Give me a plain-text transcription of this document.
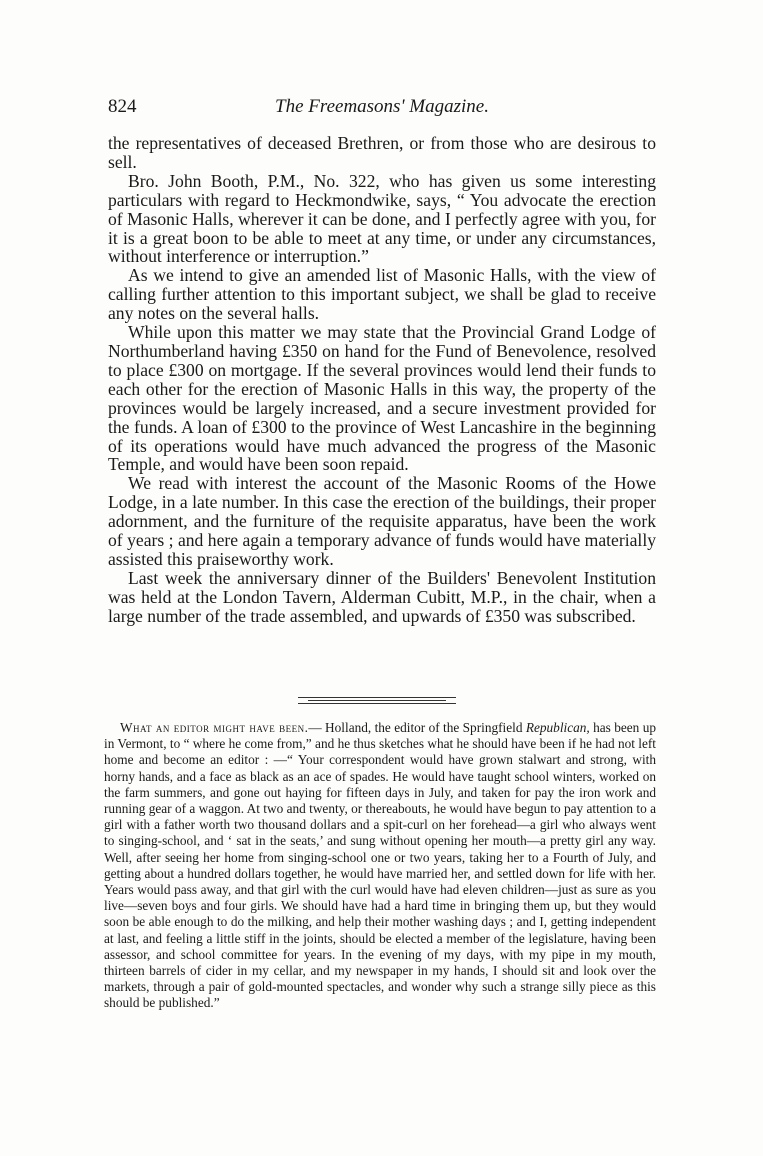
824	The Freemasons' Magazine.

the representatives of deceased Brethren, or from those who are desirous to sell.

Bro. John Booth, P.M., No. 322, who has given us some interesting particulars with regard to Heckmondwike, says, “ You advocate the erection of Masonic Halls, wherever it can be done, and I perfectly agree with you, for it is a great boon to be able to meet at any time, or under any circumstances, without interference or interruption.”

As we intend to give an amended list of Masonic Halls, with the view of calling further attention to this important subject, we shall be glad to receive any notes on the several halls.

While upon this matter we may state that the Provincial Grand Lodge of Northumberland having £350 on hand for the Fund of Benevolence, resolved to place £300 on mortgage. If the several provinces would lend their funds to each other for the erection of Masonic Halls in this way, the property of the provinces would be largely increased, and a secure investment provided for the funds. A loan of £300 to the province of West Lancashire in the beginning of its operations would have much advanced the progress of the Masonic Temple, and would have been soon repaid.

We read with interest the account of the Masonic Rooms of the Howe Lodge, in a late number. In this case the erection of the buildings, their proper adornment, and the furniture of the requisite apparatus, have been the work of years ; and here again a temporary advance of funds would have materially assisted this praiseworthy work.

Last week the anniversary dinner of the Builders' Benevolent Institution was held at the London Tavern, Alderman Cubitt, M.P., in the chair, when a large number of the trade assembled, and upwards of £350 was subscribed.

What an editor might have been.— Holland, the editor of the Springfield Republican, has been up in Vermont, to “ where he come from,” and he thus sketches what he should have been if he had not left home and become an editor : —“ Your correspondent would have grown stalwart and strong, with horny hands, and a face as black as an ace of spades. He would have taught school winters, worked on the farm summers, and gone out haying for fifteen days in July, and taken for pay the iron work and running gear of a waggon. At two and twenty, or thereabouts, he would have begun to pay attention to a girl with a father worth two thousand dollars and a spit-curl on her forehead—a girl who always went to singing-school, and ‘ sat in the seats,’ and sung without opening her mouth—a pretty girl any way. Well, after seeing her home from singing-school one or two years, taking her to a Fourth of July, and getting about a hundred dollars together, he would have married her, and settled down for life with her. Years would pass away, and that girl with the curl would have had eleven children—just as sure as you live—seven boys and four girls. We should have had a hard time in bringing them up, but they would soon be able enough to do the milking, and help their mother washing days ; and I, getting independent at last, and feeling a little stiff in the joints, should be elected a member of the legislature, having been assessor, and school committee for years. In the evening of my days, with my pipe in my mouth, thirteen barrels of cider in my cellar, and my newspaper in my hands, I should sit and look over the markets, through a pair of gold-mounted spectacles, and wonder why such a strange silly piece as this should be published.”
